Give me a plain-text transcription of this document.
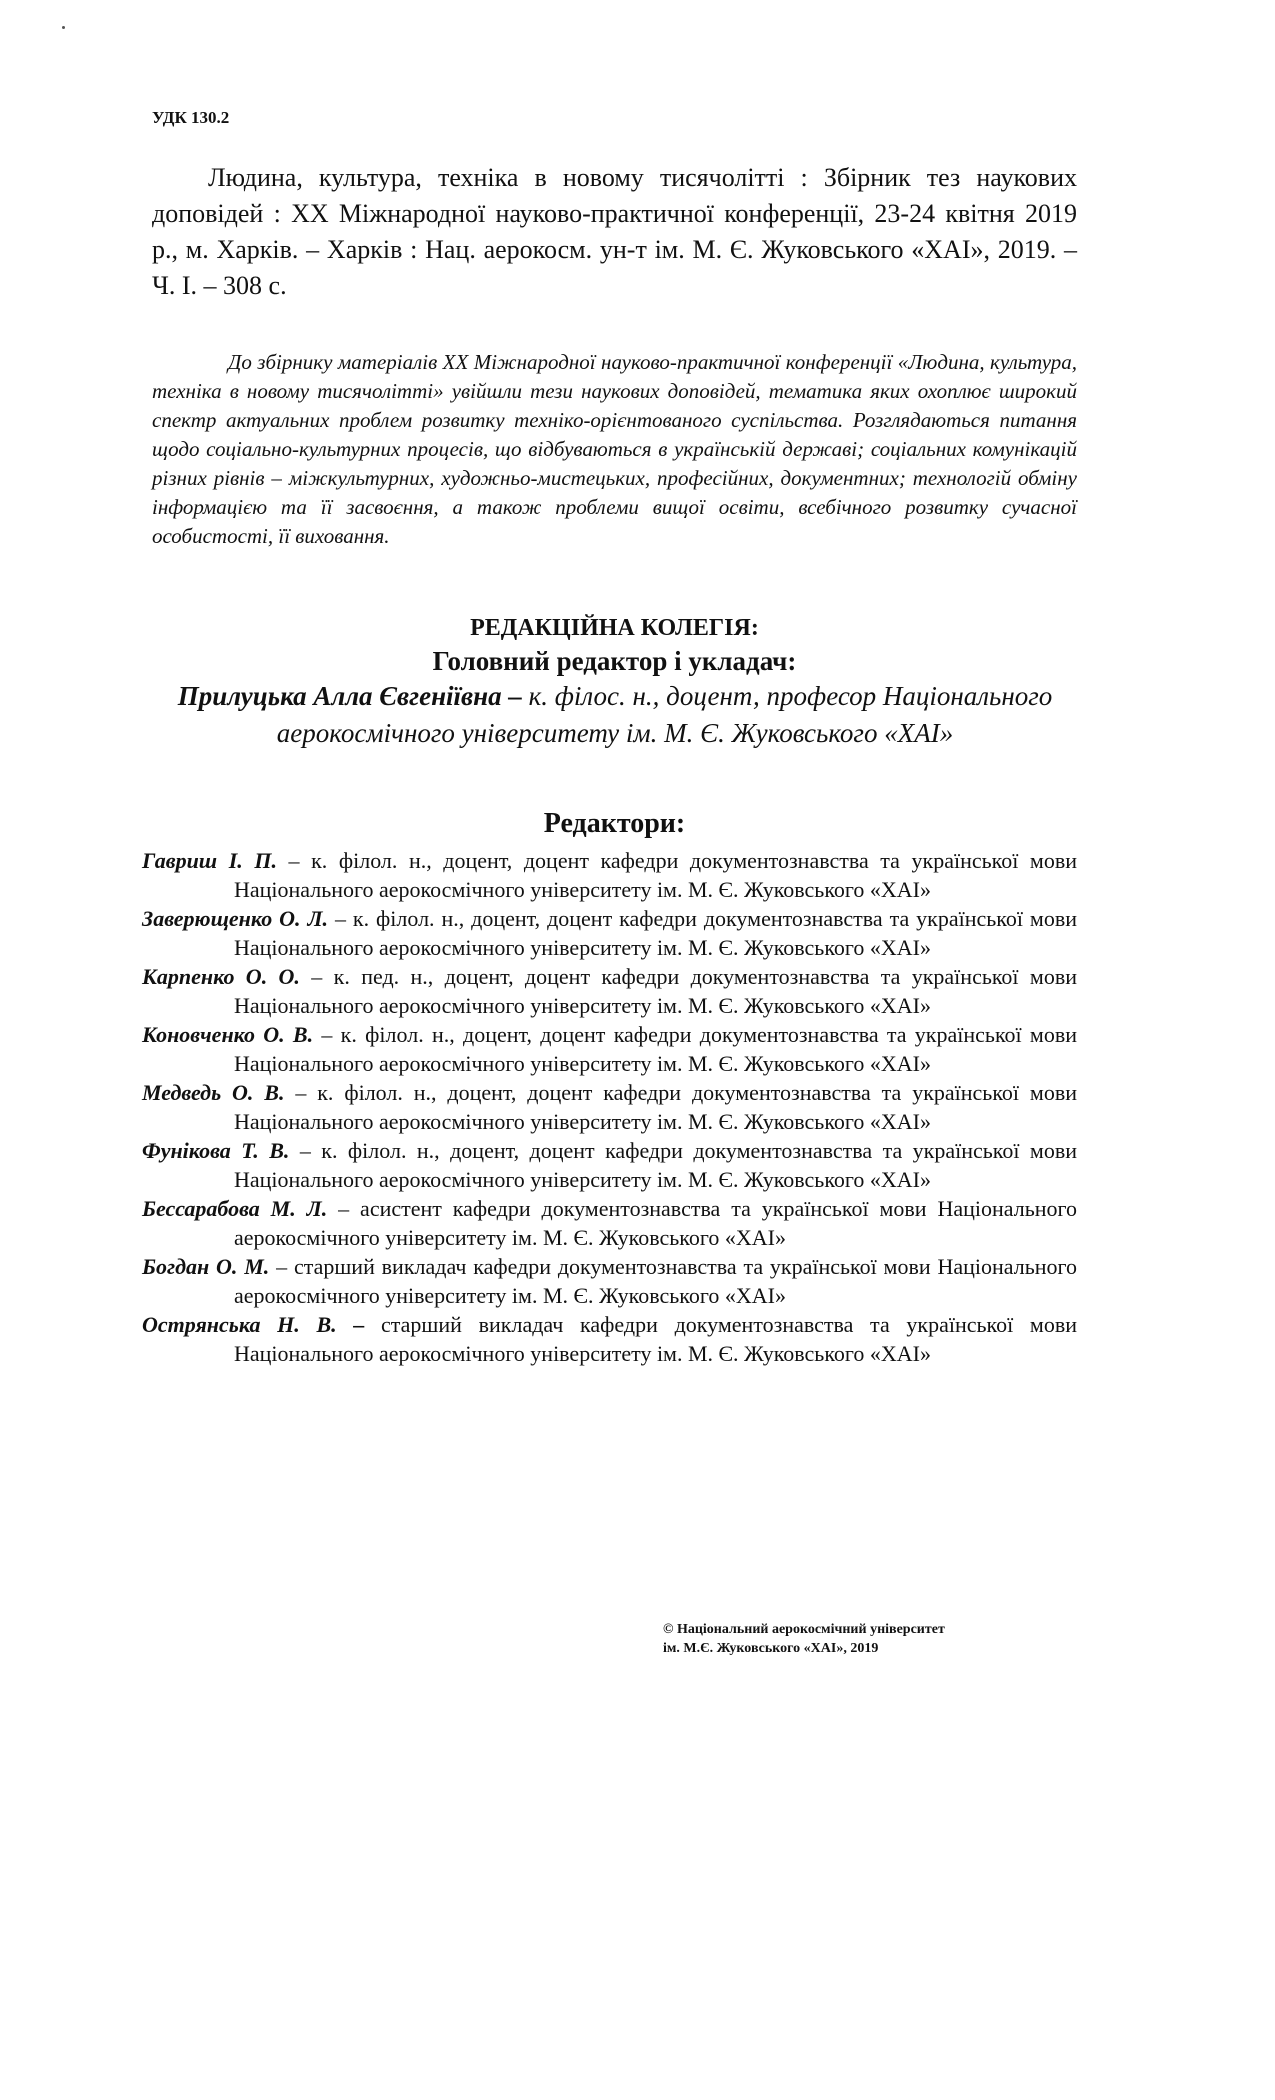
УДК 130.2
Людина, культура, техніка в новому тисячолітті : Збірник тез наукових доповідей : ХХ Міжнародної науково-практичної конференції, 23-24 квітня 2019 р., м. Харків. – Харків : Нац. аерокосм. ун-т ім. М. Є. Жуковського «ХАІ», 2019. –Ч. І. – 308 с.
До збірнику матеріалів ХХ Міжнародної науково-практичної конференції «Людина, культура, техніка в новому тисячолітті» увійшли тези наукових доповідей, тематика яких охоплює широкий спектр актуальних проблем розвитку техніко-орієнтованого суспільства. Розглядаються питання щодо соціально-культурних процесів, що відбуваються в українській державі; соціальних комунікацій різних рівнів – міжкультурних, художньо-мистецьких, професійних, документних; технологій обміну інформацією та її засвоєння, а також проблеми вищої освіти, всебічного розвитку сучасної особистості, її виховання.
РЕДАКЦІЙНА КОЛЕГІЯ:
Головний редактор і укладач:
Прилуцька Алла Євгеніївна – к. філос. н., доцент, професор Національного аерокосмічного університету ім. М. Є. Жуковського «ХАІ»
Редактори:
Гавриш І. П. – к. філол. н., доцент, доцент кафедри документознавства та української мови Національного аерокосмічного університету ім. М. Є. Жуковського «ХАІ»
Заверющенко О. Л. – к. філол. н., доцент, доцент кафедри документознавства та української мови Національного аерокосмічного університету ім. М. Є. Жуковського «ХАІ»
Карпенко О. О. – к. пед. н., доцент, доцент кафедри документознавства та української мови Національного аерокосмічного університету ім. М. Є. Жуковського «ХАІ»
Коновченко О. В. – к. філол. н., доцент, доцент кафедри документознавства та української мови Національного аерокосмічного університету ім. М. Є. Жуковського «ХАІ»
Медведь О. В. – к. філол. н., доцент, доцент кафедри документознавства та української мови Національного аерокосмічного університету ім. М. Є. Жуковського «ХАІ»
Фунікова Т. В. – к. філол. н., доцент, доцент кафедри документознавства та української мови Національного аерокосмічного університету ім. М. Є. Жуковського «ХАІ»
Бессарабова М. Л. – асистент кафедри документознавства та української мови Національного аерокосмічного університету ім. М. Є. Жуковського «ХАІ»
Богдан О. М. – старший викладач кафедри документознавства та української мови Національного аерокосмічного університету ім. М. Є. Жуковського «ХАІ»
Острянська Н. В. – старший викладач кафедри документознавства та української мови Національного аерокосмічного університету ім. М. Є. Жуковського «ХАІ»
© Національний аерокосмічний університет
ім. М.Є. Жуковського «ХАІ», 2019
